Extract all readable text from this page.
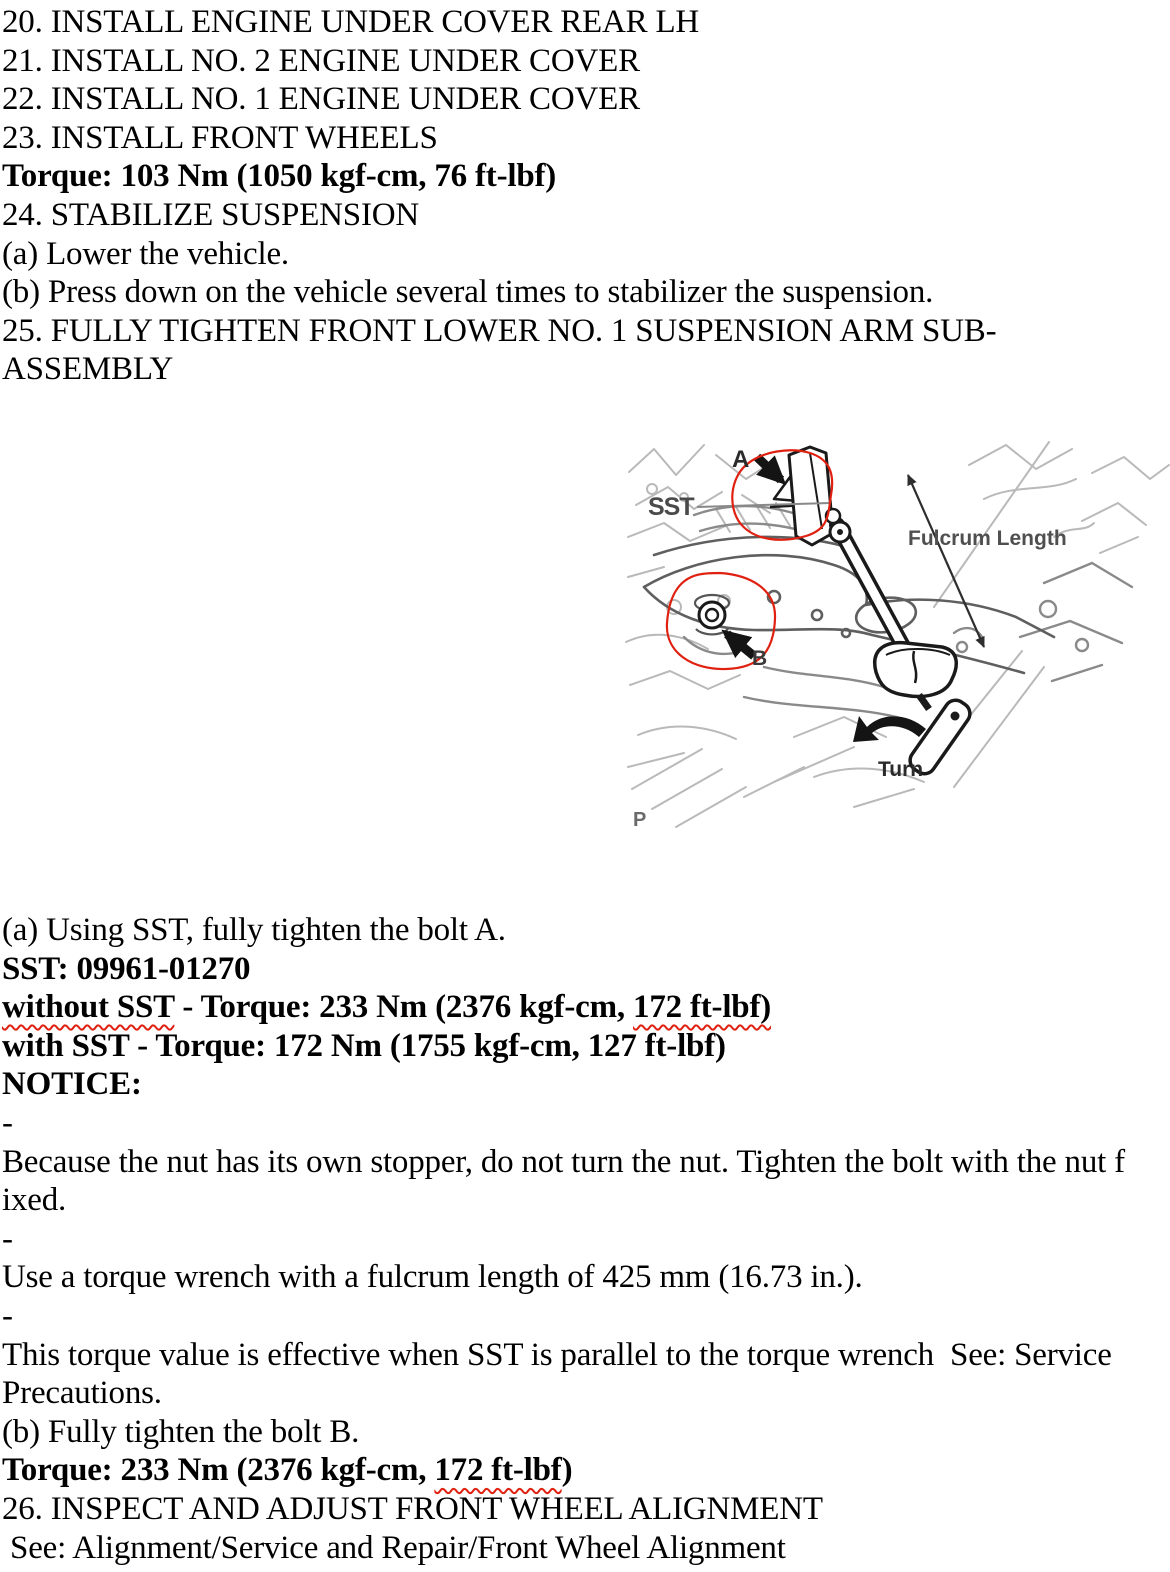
20. INSTALL ENGINE UNDER COVER REAR LH
21. INSTALL NO. 2 ENGINE UNDER COVER
22. INSTALL NO. 1 ENGINE UNDER COVER
23. INSTALL FRONT WHEELS
Torque: 103 Nm (1050 kgf-cm, 76 ft-lbf)
24. STABILIZE SUSPENSION
(a) Lower the vehicle.
(b) Press down on the vehicle several times to stabilizer the suspension.
25. FULLY TIGHTEN FRONT LOWER NO. 1 SUSPENSION ARM SUB-
ASSEMBLY
A
SST
Fulcrum Length
B
Turn
P
(a) Using SST, fully tighten the bolt A.
SST: 09961-01270
without SST - Torque: 233 Nm (2376 kgf-cm, 172 ft-lbf)
with SST - Torque: 172 Nm (1755 kgf-cm, 127 ft-lbf)
NOTICE:
-
Because the nut has its own stopper, do not turn the nut. Tighten the bolt with the nut f
ixed.
-
Use a torque wrench with a fulcrum length of 425 mm (16.73 in.).
-
This torque value is effective when SST is parallel to the torque wrench  See: Service
Precautions.
(b) Fully tighten the bolt B.
Torque: 233 Nm (2376 kgf-cm, 172 ft-lbf)
26. INSPECT AND ADJUST FRONT WHEEL ALIGNMENT
See: Alignment/Service and Repair/Front Wheel Alignment
